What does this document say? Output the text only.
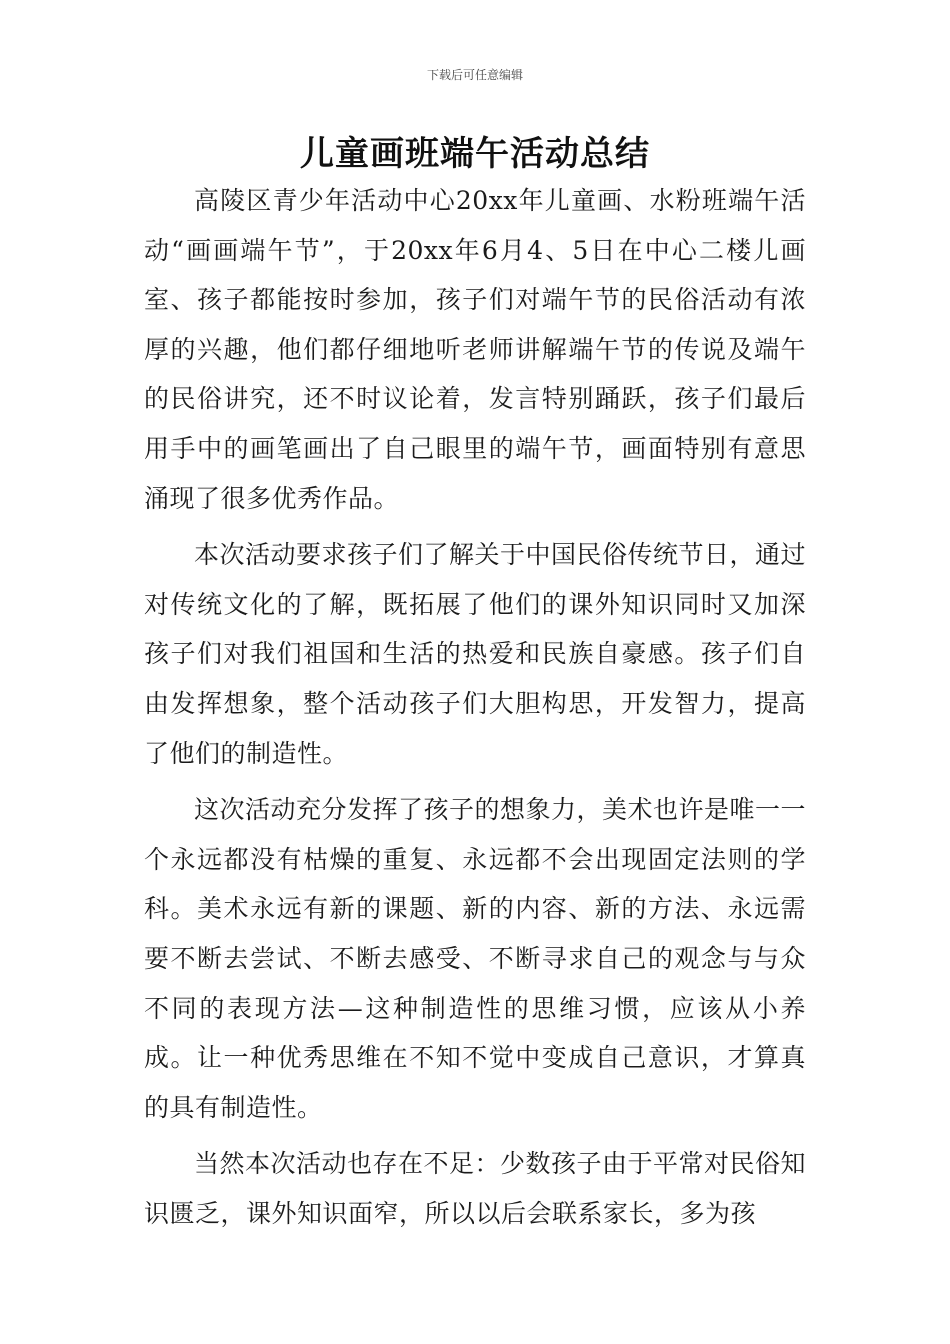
下载后可任意编辑
儿童画班端午活动总结

高陵区青少年活动中心20xx年儿童画、水粉班端午活动“画画端午节”，于20xx年6月4、5日在中心二楼儿画室、孩子都能按时参加，孩子们对端午节的民俗活动有浓厚的兴趣，他们都仔细地听老师讲解端午节的传说及端午的民俗讲究，还不时议论着，发言特别踊跃，孩子们最后用手中的画笔画出了自己眼里的端午节，画面特别有意思涌现了很多优秀作品。

本次活动要求孩子们了解关于中国民俗传统节日，通过对传统文化的了解，既拓展了他们的课外知识同时又加深孩子们对我们祖国和生活的热爱和民族自豪感。孩子们自由发挥想象，整个活动孩子们大胆构思，开发智力，提高了他们的制造性。

这次活动充分发挥了孩子的想象力，美术也许是唯一一个永远都没有枯燥的重复、永远都不会出现固定法则的学科。美术永远有新的课题、新的内容、新的方法、永远需要不断去尝试、不断去感受、不断寻求自己的观念与与众不同的表现方法—这种制造性的思维习惯，应该从小养成。让一种优秀思维在不知不觉中变成自己意识，才算真的具有制造性。

当然本次活动也存在不足：少数孩子由于平常对民俗知识匮乏，课外知识面窄，所以以后会联系家长，多为孩
